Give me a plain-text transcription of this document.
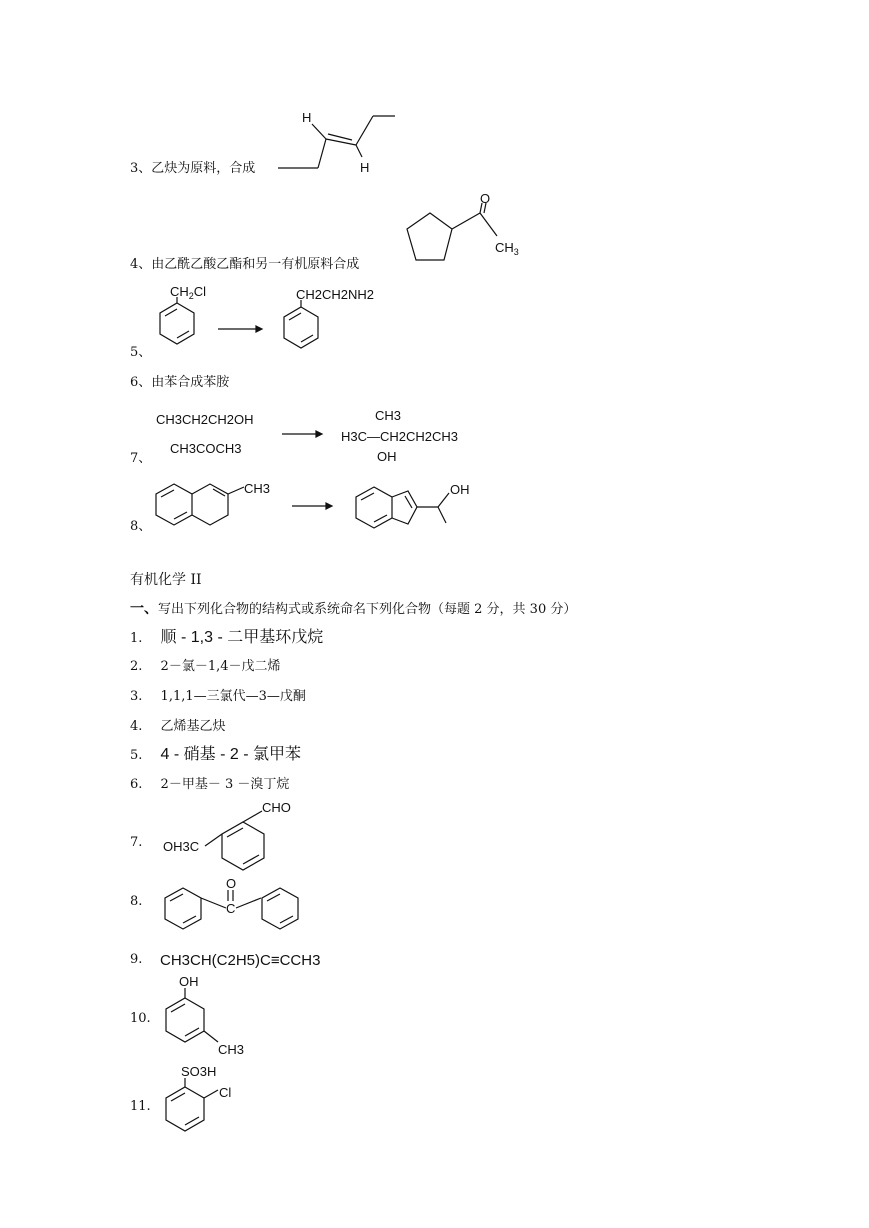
3、乙炔为原料，合成
4、由乙酰乙酸乙酯和另一有机原料合成
5、
6、由苯合成苯胺
7、
8、
H
H
O
$CH_3$
$CH_2Cl$	CH2CH2NH2
CH3CH2CH2OH
CH3COCH3
CH3
H3C—CH2CH2CH3
OH
CH3	OH
有机化学 II
一、写出下列化合物的结构式或系统命名下列化合物（每题 2 分，共 30 分）
1. 顺 - 1,3 - 二甲基环戊烷
2. 2－氯－1,4－戊二烯
3. 1,1,1—三氯代—3—戊酮
4. 乙烯基乙炔
5. 4 - 硝基 - 2 - 氯甲苯
6. 2－甲基－ 3 －溴丁烷
7.
8.
9.
10.
11.
CHO
OH3C
O
C
CH3CH(C2H5)C≡CCH3
OH
CH3
SO3H
Cl
